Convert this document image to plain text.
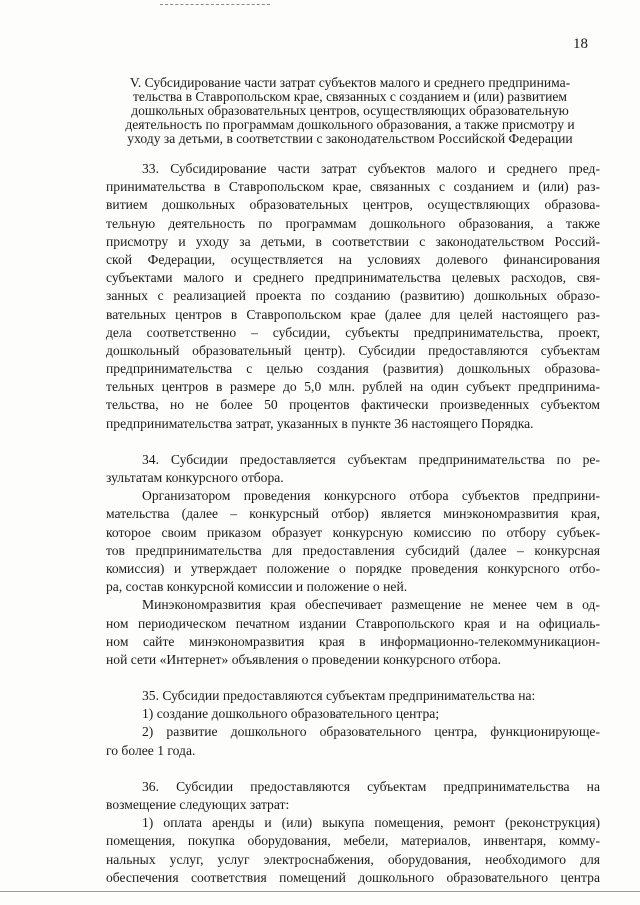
18
V. Субсидирование части затрат субъектов малого и среднего предпринима-
тельства в Ставропольском крае, связанных с созданием и (или) развитием
дошкольных образовательных центров, осуществляющих образовательную
деятельность по программам дошкольного образования, а также присмотру и
уходу за детьми, в соответствии с законодательством Российской Федерации
33. Субсидирование части затрат субъектов малого и среднего пред-
принимательства в Ставропольском крае, связанных с созданием и (или) раз-
витием дошкольных образовательных центров, осуществляющих образова-
тельную деятельность по программам дошкольного образования, а также
присмотру и уходу за детьми, в соответствии с законодательством Россий-
ской Федерации, осуществляется на условиях долевого финансирования
субъектами малого и среднего предпринимательства целевых расходов, свя-
занных с реализацией проекта по созданию (развитию) дошкольных образо-
вательных центров в Ставропольском крае (далее для целей настоящего раз-
дела соответственно – субсидии, субъекты предпринимательства, проект,
дошкольный образовательный центр). Субсидии предоставляются субъектам
предпринимательства с целью создания (развития) дошкольных образова-
тельных центров в размере до 5,0 млн. рублей на один субъект предпринима-
тельства, но не более 50 процентов фактически произведенных субъектом
предпринимательства затрат, указанных в пункте 36 настоящего Порядка.
34. Субсидии предоставляется субъектам предпринимательства по ре-
зультатам конкурсного отбора.
Организатором проведения конкурсного отбора субъектов предприни-
мательства (далее – конкурсный отбор) является минэкономразвития края,
которое своим приказом образует конкурсную комиссию по отбору субъек-
тов предпринимательства для предоставления субсидий (далее – конкурсная
комиссия) и утверждает положение о порядке проведения конкурсного отбо-
ра, состав конкурсной комиссии и положение о ней.
Минэкономразвития края обеспечивает размещение не менее чем в од-
ном периодическом печатном издании Ставропольского края и на официаль-
ном сайте минэкономразвития края в информационно-телекоммуникацион-
ной сети «Интернет» объявления о проведении конкурсного отбора.
35. Субсидии предоставляются субъектам предпринимательства на:
1) создание дошкольного образовательного центра;
2) развитие дошкольного образовательного центра, функционирующе-
го более 1 года.
36. Субсидии предоставляются субъектам предпринимательства на
возмещение следующих затрат:
1) оплата аренды и (или) выкупа помещения, ремонт (реконструкция)
помещения, покупка оборудования, мебели, материалов, инвентаря, комму-
нальных услуг, услуг электроснабжения, оборудования, необходимого для
обеспечения соответствия помещений дошкольного образовательного центра
